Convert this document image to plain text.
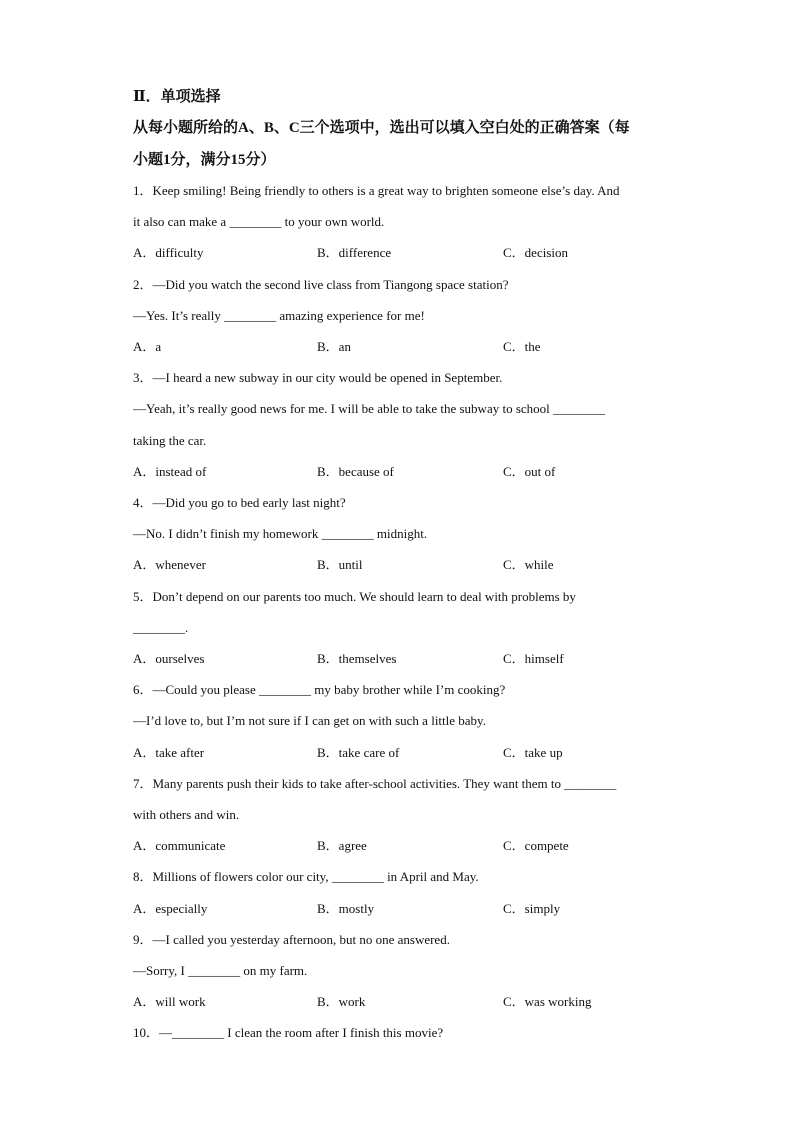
Ⅱ．单项选择
从每小题所给的A、B、C三个选项中，选出可以填入空白处的正确答案（每
小题1分，满分15分）
1．Keep smiling! Being friendly to others is a great way to brighten someone else’s day. And
it also can make a ________ to your own world.
A．difficulty	B．difference	C．decision
2．—Did you watch the second live class from Tiangong space station?
—Yes. It’s really ________ amazing experience for me!
A．a	B．an	C．the
3．—I heard a new subway in our city would be opened in September.
—Yeah, it’s really good news for me. I will be able to take the subway to school ________
taking the car.
A．instead of	B．because of	C．out of
4．—Did you go to bed early last night?
—No. I didn’t finish my homework ________ midnight.
A．whenever	B．until	C．while
5．Don’t depend on our parents too much. We should learn to deal with problems by
________.
A．ourselves	B．themselves	C．himself
6．—Could you please ________ my baby brother while I’m cooking?
—I’d love to, but I’m not sure if I can get on with such a little baby.
A．take after	B．take care of	C．take up
7．Many parents push their kids to take after-school activities. They want them to ________
with others and win.
A．communicate	B．agree	C．compete
8．Millions of flowers color our city, ________ in April and May.
A．especially	B．mostly	C．simply
9．—I called you yesterday afternoon, but no one answered.
—Sorry, I ________ on my farm.
A．will work	B．work	C．was working
10．—________ I clean the room after I finish this movie?
